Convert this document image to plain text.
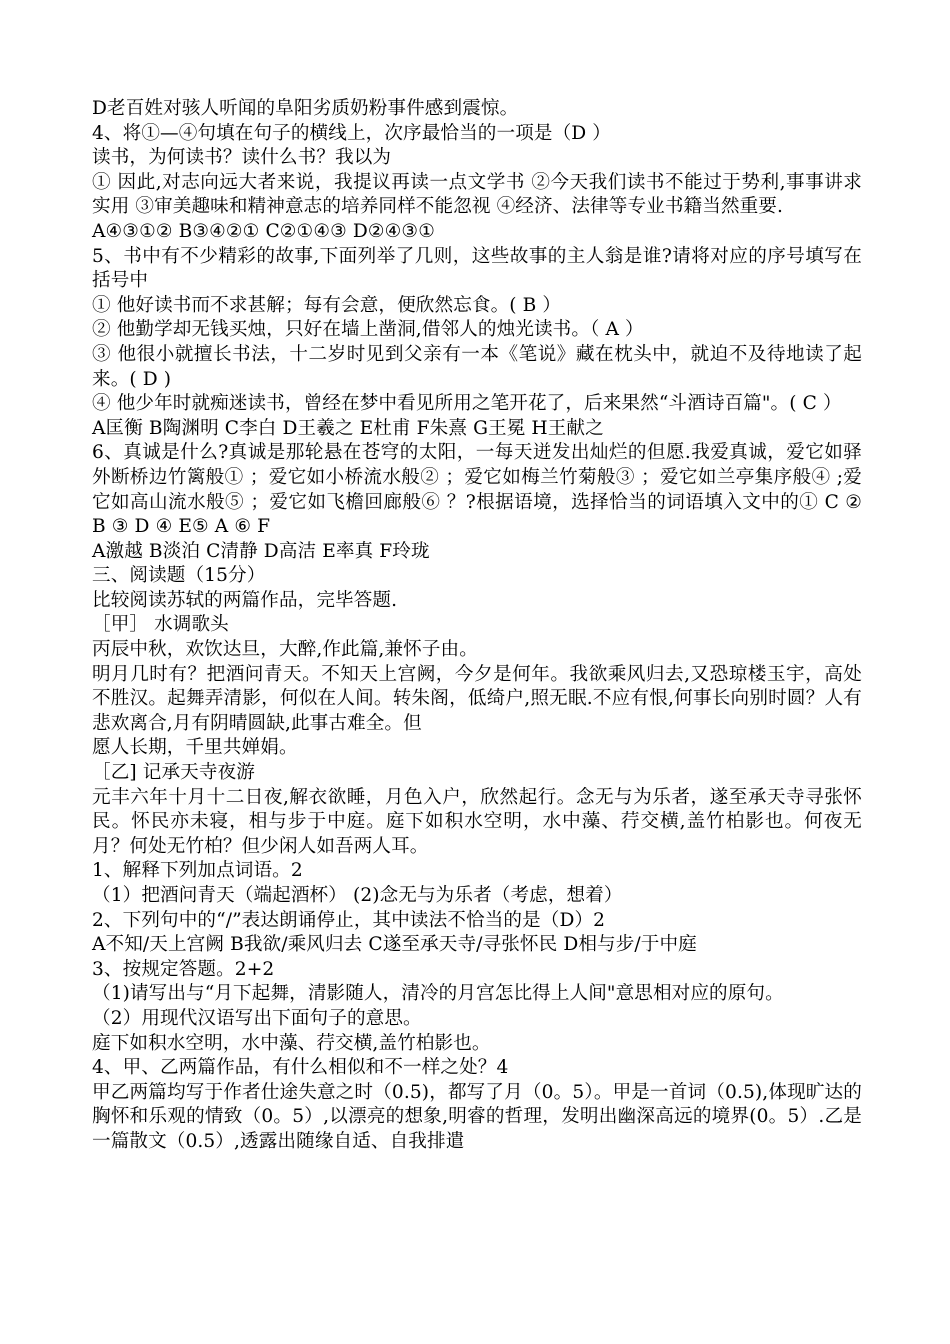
D老百姓对骇人听闻的阜阳劣质奶粉事件感到震惊。

4、将①—④句填在句子的横线上，次序最恰当的一项是（D ）

读书，为何读书？读什么书？我以为

① 因此,对志向远大者来说，我提议再读一点文学书 ②今天我们读书不能过于势利,事事讲求实用 ③审美趣味和精神意志的培养同样不能忽视 ④经济、法律等专业书籍当然重要.

A④③①② B③④②① C②①④③ D②④③①

5、书中有不少精彩的故事,下面列举了几则，这些故事的主人翁是谁?请将对应的序号填写在括号中

① 他好读书而不求甚解；每有会意，便欣然忘食。( B ）

② 他勤学却无钱买烛，只好在墙上凿洞,借邻人的烛光读书。（ A ）

③ 他很小就擅长书法，十二岁时见到父亲有一本《笔说》藏在枕头中，就迫不及待地读了起来。( D )

④ 他少年时就痴迷读书，曾经在梦中看见所用之笔开花了，后来果然“斗酒诗百篇"。( C ）

A匡衡 B陶渊明 C李白 D王羲之 E杜甫 F朱熹 G王冕 H王献之

6、真诚是什么?真诚是那轮悬在苍穹的太阳，一每天迸发出灿烂的但愿.我爱真诚，爱它如驿外断桥边竹篱般① ；爱它如小桥流水般② ；爱它如梅兰竹菊般③ ；爱它如兰亭集序般④ ;爱它如高山流水般⑤ ；爱它如飞檐回廊般⑥ ？?根据语境，选择恰当的词语填入文中的① C ② B ③ D ④ E⑤ A ⑥ F

A激越 B淡泊 C清静 D高洁 E率真 F玲珑

三、阅读题（15分）

比较阅读苏轼的两篇作品，完毕答题.

［甲］ 水调歌头

丙辰中秋，欢饮达旦，大醉,作此篇,兼怀子由。

明月几时有？把酒问青天。不知天上宫阙，今夕是何年。我欲乘风归去,又恐琼楼玉宇，高处不胜汉。起舞弄清影，何似在人间。转朱阁，低绮户,照无眠.不应有恨,何事长向别时圆？人有悲欢离合,月有阴晴圆缺,此事古难全。但

愿人长期，千里共婵娟。

［乙] 记承天寺夜游

元丰六年十月十二日夜,解衣欲睡，月色入户，欣然起行。念无与为乐者，遂至承天寺寻张怀民。怀民亦未寝，相与步于中庭。庭下如积水空明，水中藻、荇交横,盖竹柏影也。何夜无月？何处无竹柏？但少闲人如吾两人耳。

1、解释下列加点词语。2

（1）把酒问青天（端起酒杯） (2)念无与为乐者（考虑，想着）

2、下列句中的“/”表达朗诵停止，其中读法不恰当的是（D）2

A不知/天上宫阙 B我欲/乘风归去 C遂至承天寺/寻张怀民 D相与步/于中庭

3、按规定答题。2+2

（1)请写出与“月下起舞，清影随人，清冷的月宫怎比得上人间"意思相对应的原句。

（2）用现代汉语写出下面句子的意思。

庭下如积水空明，水中藻、荇交横,盖竹柏影也。

4、甲、乙两篇作品，有什么相似和不一样之处？4

甲乙两篇均写于作者仕途失意之时（0.5)，都写了月（0。5）。甲是一首词（0.5),体现旷达的胸怀和乐观的情致（0。5）,以漂亮的想象,明睿的哲理，发明出幽深高远的境界(0。5）.乙是一篇散文（0.5）,透露出随缘自适、自我排遣
